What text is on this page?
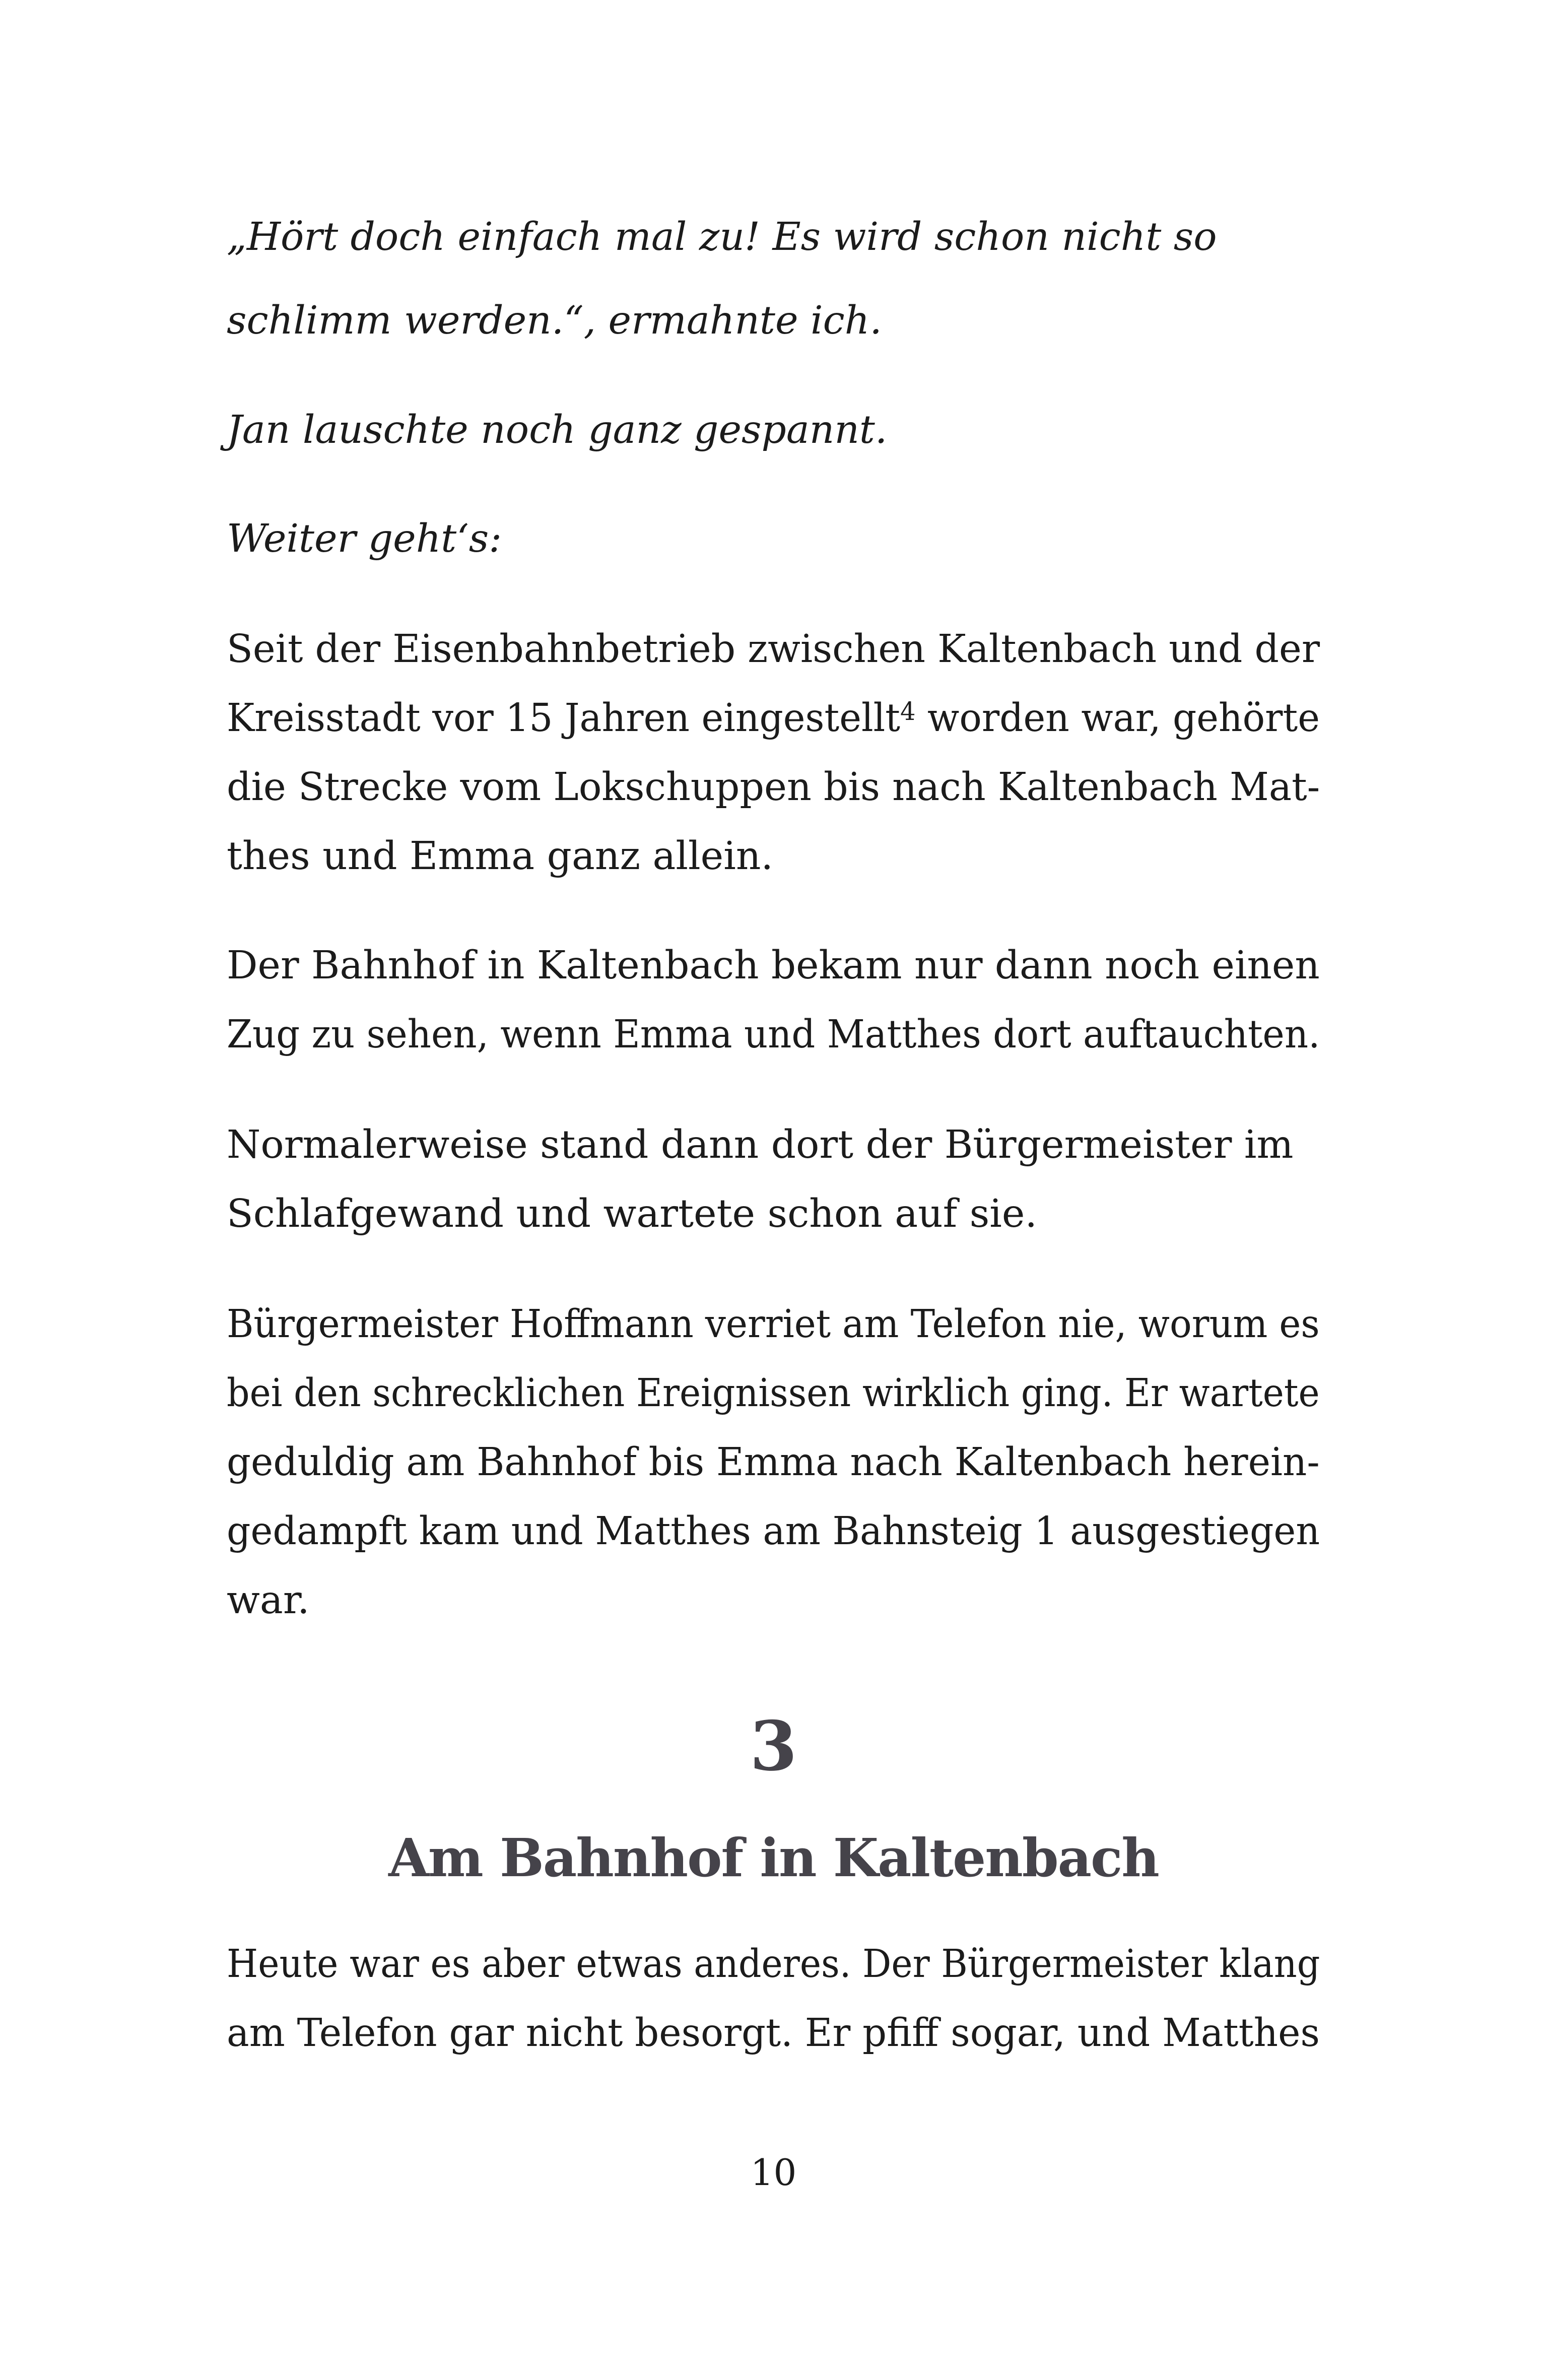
„Hört doch einfach mal zu! Es wird schon nicht so

schlimm werden.“, ermahnte ich.

Jan lauschte noch ganz gespannt.

Weiter geht‘s:

Seit der Eisenbahnbetrieb zwischen Kaltenbach und der

Kreisstadt vor 15 Jahren eingestellt$^4$ worden war, gehörte

die Strecke vom Lokschuppen bis nach Kaltenbach Mat-

thes und Emma ganz allein.

Der Bahnhof in Kaltenbach bekam nur dann noch einen

Zug zu sehen, wenn Emma und Matthes dort auftauchten.

Normalerweise stand dann dort der Bürgermeister im

Schlafgewand und wartete schon auf sie.

Bürgermeister Hoffmann verriet am Telefon nie, worum es

bei den schrecklichen Ereignissen wirklich ging. Er wartete

geduldig am Bahnhof bis Emma nach Kaltenbach herein-

gedampft kam und Matthes am Bahnsteig 1 ausgestiegen

war.

3
Am Bahnhof in Kaltenbach

Heute war es aber etwas anderes. Der Bürgermeister klang

am Telefon gar nicht besorgt. Er pfiff sogar, und Matthes

10
